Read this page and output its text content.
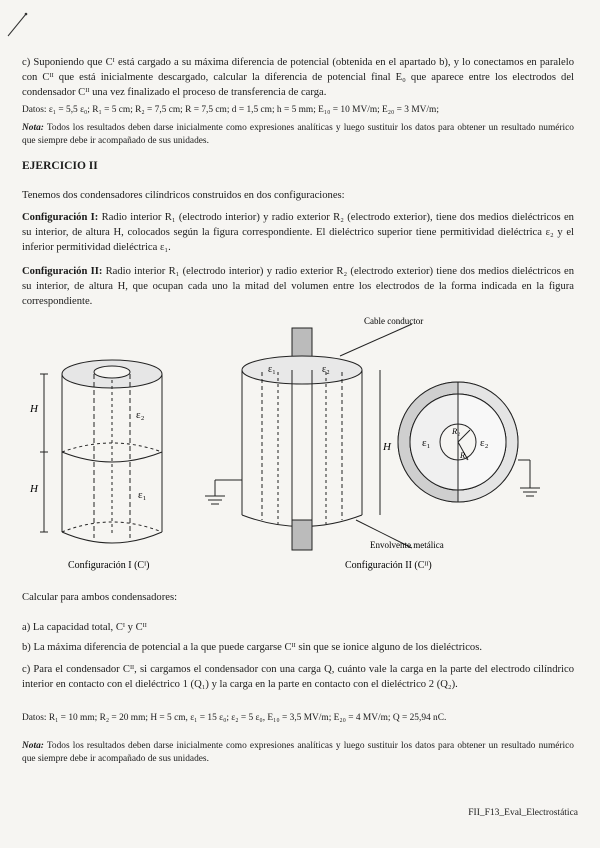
c) Suponiendo que Cᴵ está cargado a su máxima diferencia de potencial (obtenida en el apartado b), y lo conectamos en paralelo con Cᴵᴵ que está inicialmente descargado, calcular la diferencia de potencial final E₀ que aparece entre los electrodos del condensador Cᴵᴵ una vez finalizado el proceso de transferencia de carga.
Datos: ε₁ = 5,5 ε₀; R₁ = 5 cm; R₂ = 7,5 cm; R = 7,5 cm; d = 1,5 cm; h = 5 mm; E₁₀ = 10 MV/m; E₂₀ = 3 MV/m;
Nota: Todos los resultados deben darse inicialmente como expresiones analíticas y luego sustituir los datos para obtener un resultado numérico que siempre debe ir acompañado de sus unidades.
EJERCICIO II
Tenemos dos condensadores cilíndricos construidos en dos configuraciones:
Configuración I: Radio interior R₁ (electrodo interior) y radio exterior R₂ (electrodo exterior), tiene dos medios dieléctricos en su interior, de altura H, colocados según la figura correspondiente. El dieléctrico superior tiene permitividad dieléctrica ε₂ y el inferior permitividad dieléctrica ε₁.
Configuración II: Radio interior R₁ (electrodo interior) y radio exterior R₂ (electrodo exterior) tiene dos medios dieléctricos en su interior, de altura H, que ocupan cada uno la mitad del volumen entre los electrodos de la forma indicada en la figura correspondiente.
H
H
ε₂
ε₁
Configuración I (Cᴵ)
H
ε₁	ε₂
Cable conductor
Envolvente metálica
Configuración II (Cᴵᴵ)
ε₁	ε₂
R₂
R₁
Calcular para ambos condensadores:
a) La capacidad total, Cᴵ y Cᴵᴵ
b) La máxima diferencia de potencial a la que puede cargarse Cᴵᴵ sin que se ionice alguno de los dieléctricos.
c) Para el condensador Cᴵᴵ, si cargamos el condensador con una carga Q, cuánto vale la carga en la parte del electrodo cilíndrico interior en contacto con el dieléctrico 1 (Q₁) y la carga en la parte en contacto con el dieléctrico 2 (Q₂).
Datos: R₁ = 10 mm; R₂ = 20 mm; H = 5 cm, ε₁ = 15 ε₀; ε₂ = 5 ε₀, E₁₀ = 3,5 MV/m; E₂₀ = 4 MV/m; Q = 25,94 nC.
Nota: Todos los resultados deben darse inicialmente como expresiones analíticas y luego sustituir los datos para obtener un resultado numérico que siempre debe ir acompañado de sus unidades.
FII_F13_Eval_Electrostática
